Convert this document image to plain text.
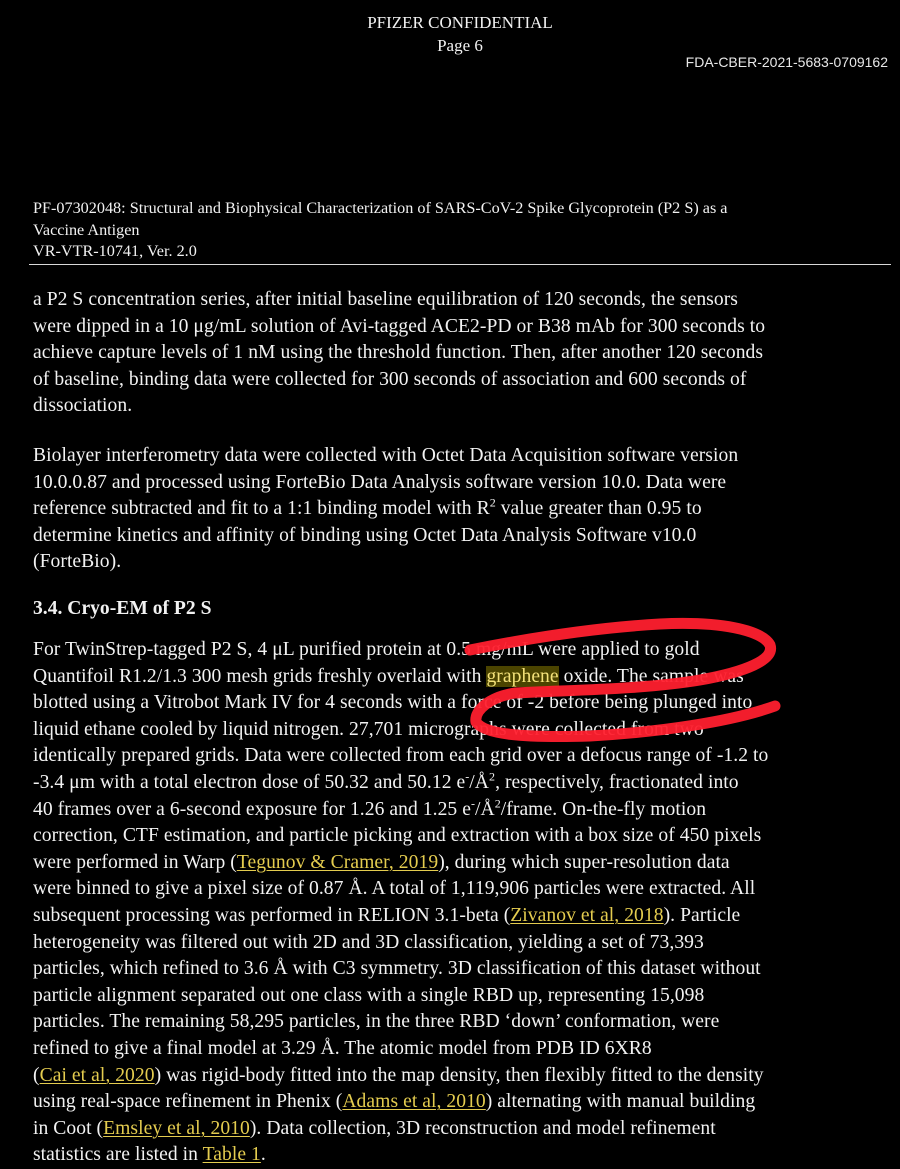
PFIZER CONFIDENTIAL
Page 6
FDA-CBER-2021-5683-0709162
PF-07302048: Structural and Biophysical Characterization of SARS-CoV-2 Spike Glycoprotein (P2 S) as a
Vaccine Antigen
VR-VTR-10741, Ver. 2.0
a P2 S concentration series, after initial baseline equilibration of 120 seconds, the sensors
were dipped in a 10 μg/mL solution of Avi-tagged ACE2-PD or B38 mAb for 300 seconds to
achieve capture levels of 1 nM using the threshold function. Then, after another 120 seconds
of baseline, binding data were collected for 300 seconds of association and 600 seconds of
dissociation.
Biolayer interferometry data were collected with Octet Data Acquisition software version
10.0.0.87 and processed using ForteBio Data Analysis software version 10.0. Data were
reference subtracted and fit to a 1:1 binding model with $R^2$ value greater than 0.95 to
determine kinetics and affinity of binding using Octet Data Analysis Software v10.0
(ForteBio).
3.4. Cryo-EM of P2 S
For TwinStrep-tagged P2 S, 4 μL purified protein at 0.5 mg/mL were applied to gold
Quantifoil R1.2/1.3 300 mesh grids freshly overlaid with graphene oxide. The sample was
blotted using a Vitrobot Mark IV for 4 seconds with a force of -2 before being plunged into
liquid ethane cooled by liquid nitrogen. 27,701 micrographs were collected from two
identically prepared grids. Data were collected from each grid over a defocus range of -1.2 to
-3.4 μm with a total electron dose of 50.32 and 50.12 $e^-/Å^2$, respectively, fractionated into
40 frames over a 6-second exposure for 1.26 and 1.25 $e^-/Å^2$/frame. On-the-fly motion
correction, CTF estimation, and particle picking and extraction with a box size of 450 pixels
were performed in Warp (Tegunov & Cramer, 2019), during which super-resolution data
were binned to give a pixel size of 0.87 Å. A total of 1,119,906 particles were extracted. All
subsequent processing was performed in RELION 3.1-beta (Zivanov et al, 2018). Particle
heterogeneity was filtered out with 2D and 3D classification, yielding a set of 73,393
particles, which refined to 3.6 Å with C3 symmetry. 3D classification of this dataset without
particle alignment separated out one class with a single RBD up, representing 15,098
particles. The remaining 58,295 particles, in the three RBD ‘down’ conformation, were
refined to give a final model at 3.29 Å. The atomic model from PDB ID 6XR8
(Cai et al, 2020) was rigid-body fitted into the map density, then flexibly fitted to the density
using real-space refinement in Phenix (Adams et al, 2010) alternating with manual building
in Coot (Emsley et al, 2010). Data collection, 3D reconstruction and model refinement
statistics are listed in Table 1.
